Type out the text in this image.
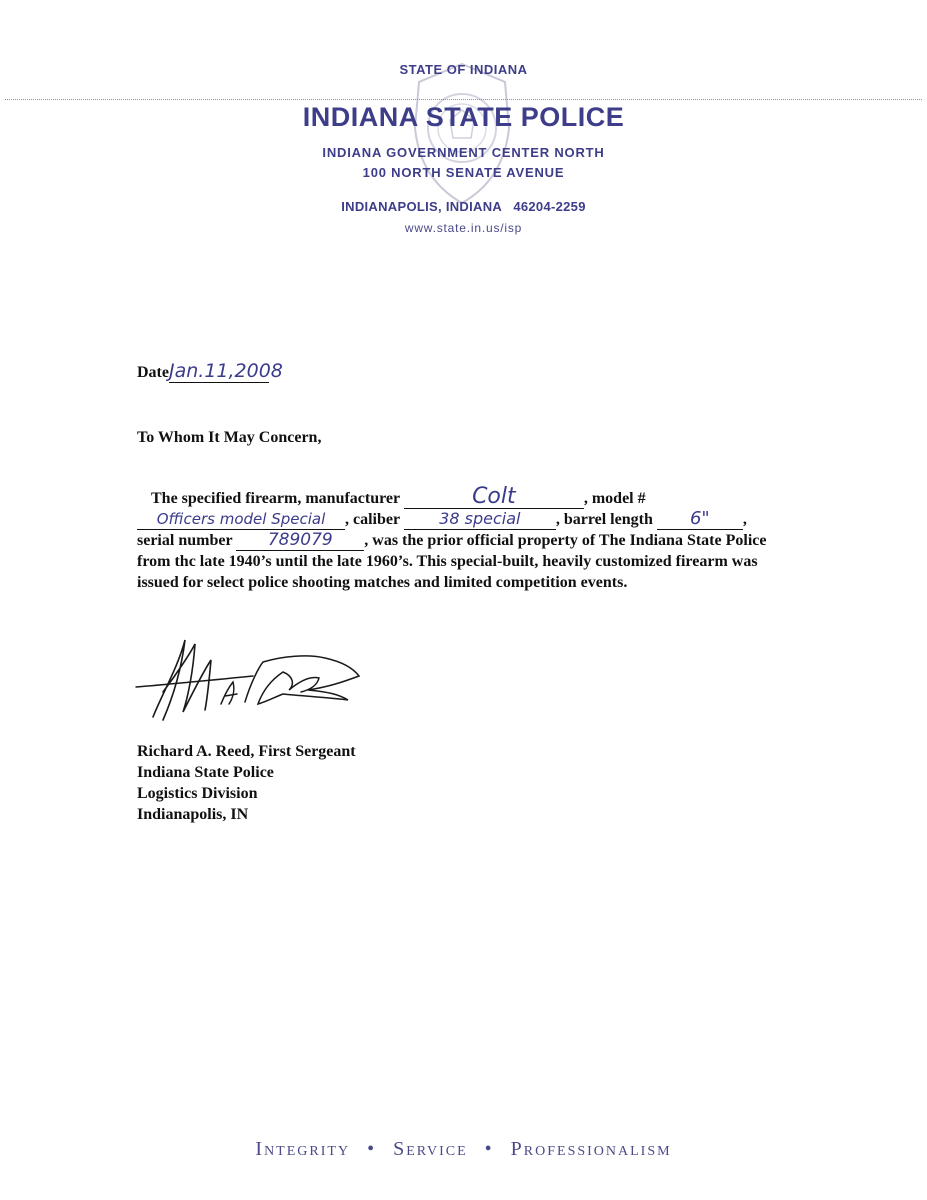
STATE OF INDIANA
INDIANA STATE POLICE
INDIANA GOVERNMENT CENTER NORTH
100 NORTH SENATE AVENUE
INDIANAPOLIS, INDIANA   46204-2259
www.state.in.us/isp
DateJan.11,2008
To Whom It May Concern,
The specified firearm, manufacturer	Colt	, model # Officers model Special , caliber 38 special , barrel length 6" , serial number 789079 , was the prior official property of The Indiana State Police from thc late 1940’s until the late 1960’s. This special-built, heavily customized firearm was issued for select police shooting matches and limited competition events.
Richard A. Reed, First Sergeant
Indiana State Police
Logistics Division
Indianapolis, IN
Integrity • Service • Professionalism
